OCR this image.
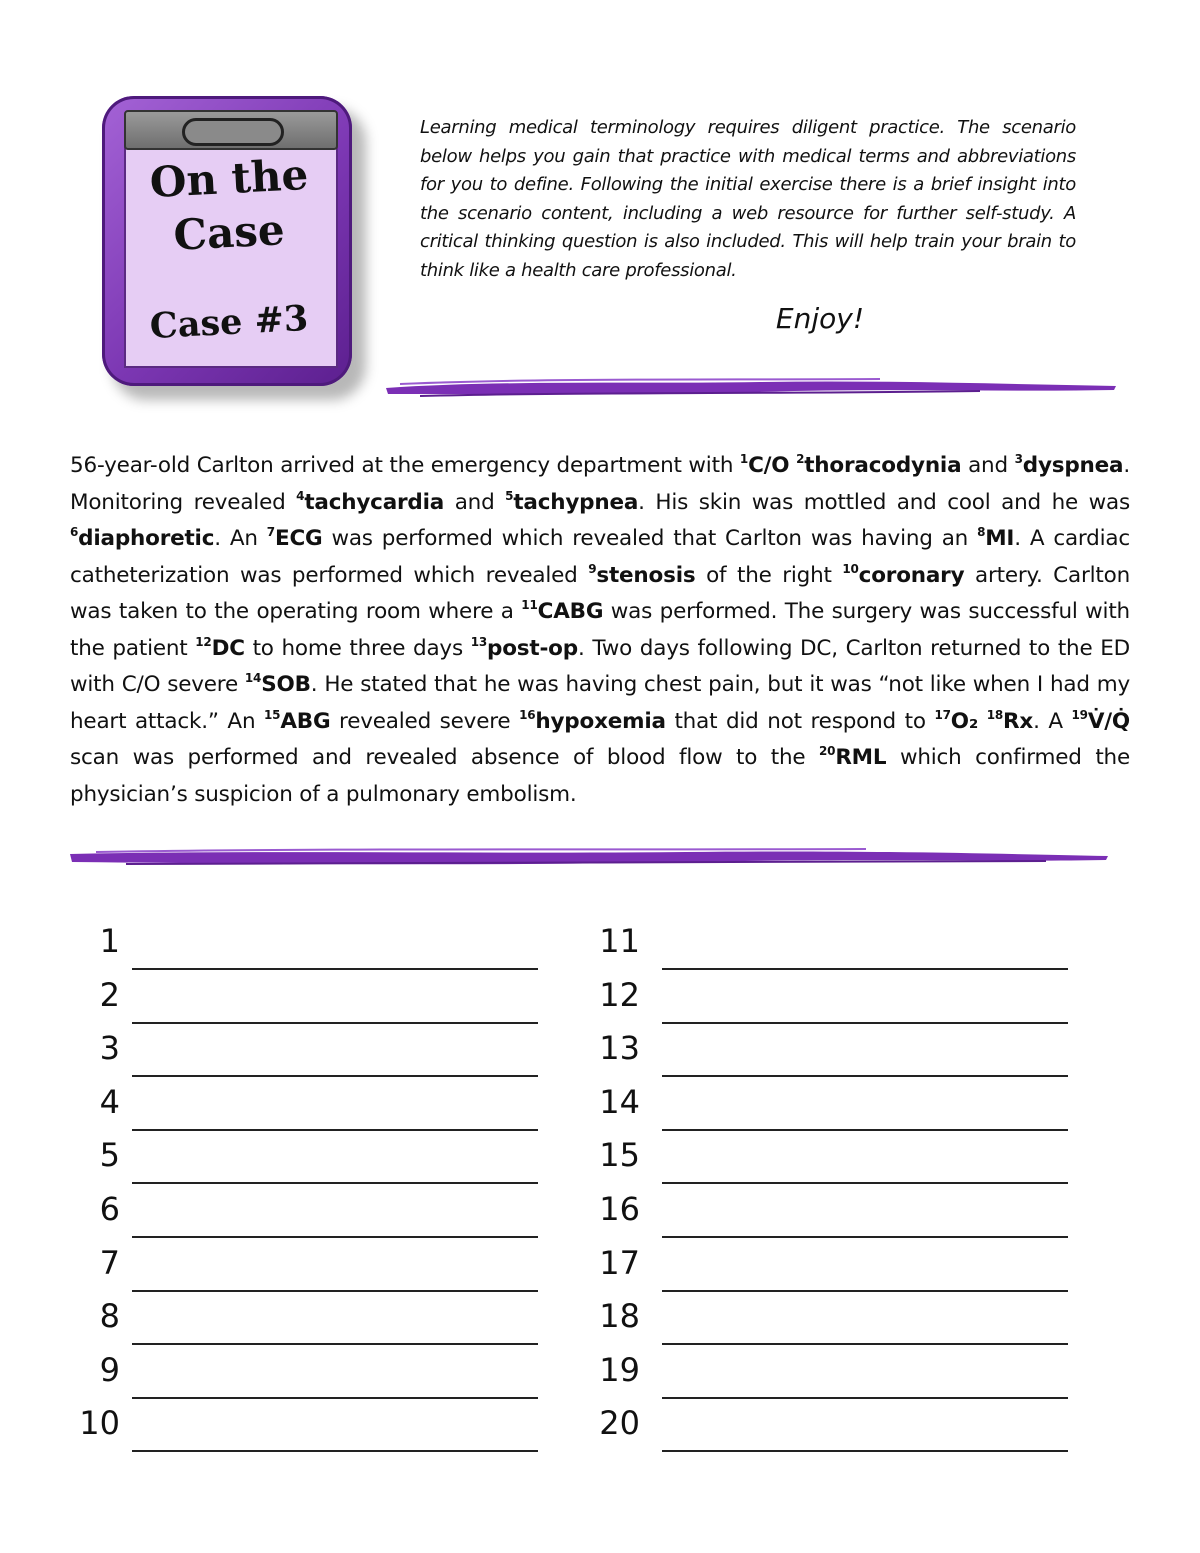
On the
Case
Case #3

Learning medical terminology requires diligent practice. The scenario below helps you gain that practice with medical terms and abbreviations for you to define. Following the initial exercise there is a brief insight into the scenario content, including a web resource for further self-study. A critical thinking question is also included. This will help train your brain to think like a health care professional.

Enjoy!
56-year-old Carlton arrived at the emergency department with $^1$C/O $^2$thoracodynia and $^3$dyspnea. Monitoring revealed $^4$tachycardia and $^5$tachypnea. His skin was mottled and cool and he was $^6$diaphoretic. An $^7$ECG was performed which revealed that Carlton was having an $^8$MI. A cardiac catheterization was performed which revealed $^9$stenosis of the right $^{10}$coronary artery. Carlton was taken to the operating room where a $^{11}$CABG was performed. The surgery was successful with the patient $^{12}$DC to home three days $^{13}$post-op. Two days following DC, Carlton returned to the ED with C/O severe $^{14}$SOB. He stated that he was having chest pain, but it was “not like when I had my heart attack.” An $^{15}$ABG revealed severe $^{16}$hypoxemia that did not respond to $^{17}$O₂ $^{18}$Rx. A $^{19}$V̇/Q̇ scan was performed and revealed absence of blood flow to the $^{20}$RML which confirmed the physician’s suspicion of a pulmonary embolism.
1
2
3
4
5
6
7
8
9
10
11
12
13
14
15
16
17
18
19
20
